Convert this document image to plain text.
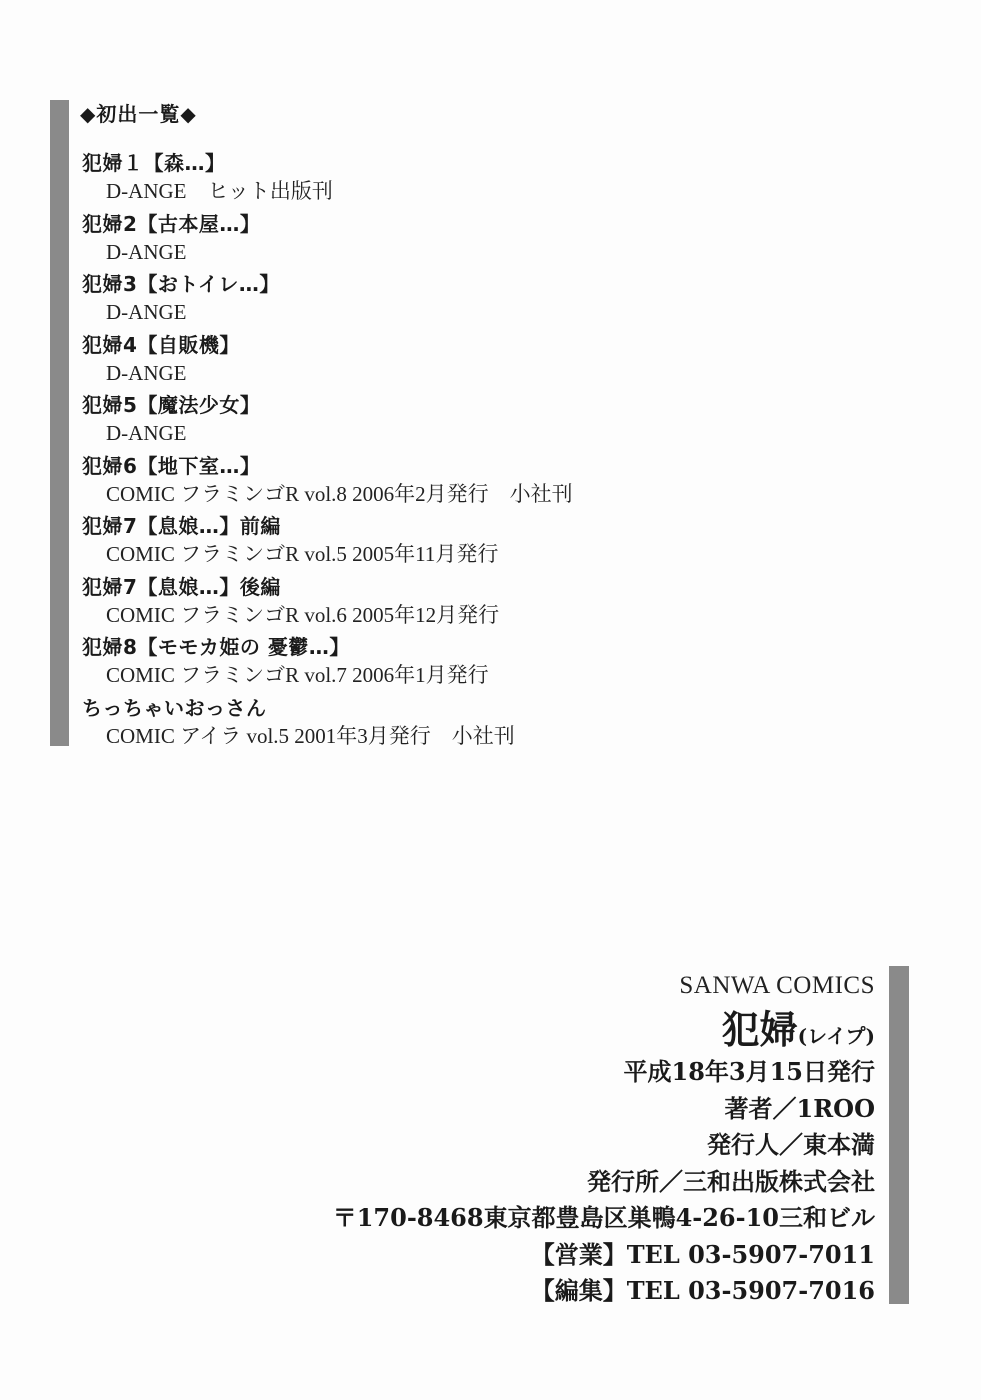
◆初出一覧◆
犯婦１【森…】
D-ANGE　ヒット出版刊
犯婦2【古本屋…】
D-ANGE
犯婦3【おトイレ…】
D-ANGE
犯婦4【自販機】
D-ANGE
犯婦5【魔法少女】
D-ANGE
犯婦6【地下室…】
COMIC フラミンゴR vol.8 2006年2月発行　小社刊
犯婦7【息娘…】前編
COMIC フラミンゴR vol.5 2005年11月発行
犯婦7【息娘…】後編
COMIC フラミンゴR vol.6 2005年12月発行
犯婦8【モモカ姫の 憂鬱…】
COMIC フラミンゴR vol.7 2006年1月発行
ちっちゃいおっさん
COMIC アイラ vol.5 2001年3月発行　小社刊
SANWA COMICS
犯婦(レイプ)
平成18年3月15日発行
著者／1ROO
発行人／東本満
発行所／三和出版株式会社
〒170-8468東京都豊島区巣鴨4-26-10三和ビル
【営業】TEL 03-5907-7011
【編集】TEL 03-5907-7016
